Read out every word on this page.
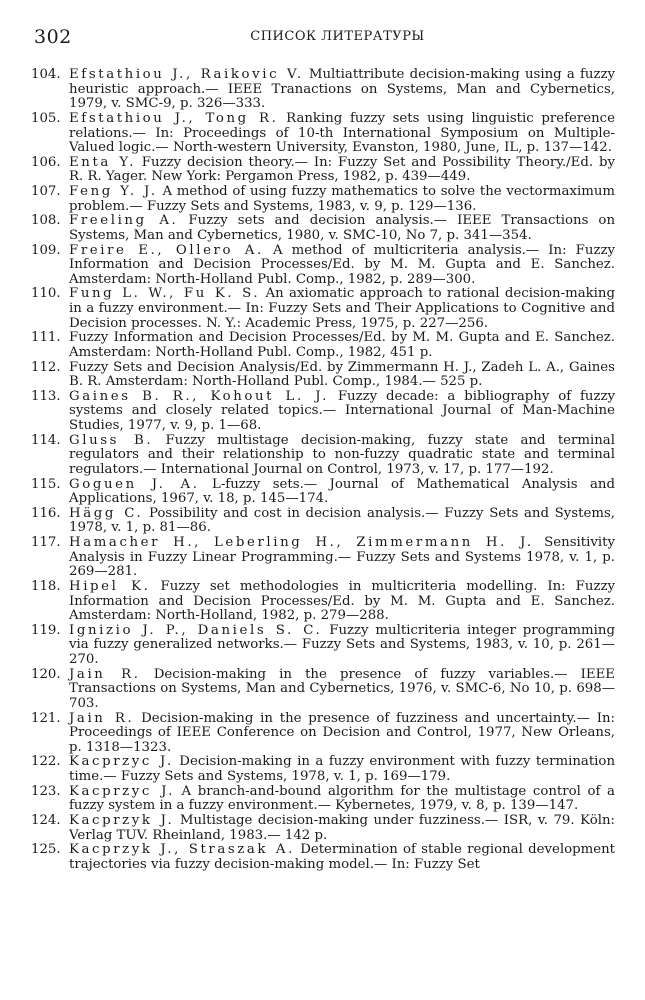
302	СПИСОК ЛИТЕРАТУРЫ
104. Efstathiou J., Raikovic V. Multiattribute decision-making using a fuzzy heuristic approach.— IEEE Tranactions on Systems, Man and Cybernetics, 1979, v. SMC-9, p. 326—333.
105. Efstathiou J., Tong R. Ranking fuzzy sets using linguistic preference relations.— In: Proceedings of 10-th International Symposium on Multiple-Valued logic.— North-western University, Evanston, 1980, June, IL, p. 137—142.
106. Enta Y. Fuzzy decision theory.— In: Fuzzy Set and Possibility Theory./Ed. by R. R. Yager. New York: Pergamon Press, 1982, p. 439—449.
107. Feng Y. J. A method of using fuzzy mathematics to solve the vectormaximum problem.— Fuzzy Sets and Systems, 1983, v. 9, p. 129—136.
108. Freeling A. Fuzzy sets and decision analysis.— IEEE Transactions on Systems, Man and Cybernetics, 1980, v. SMC-10, No 7, p. 341—354.
109. Freire E., Ollero A. A method of multicriteria analysis.— In: Fuzzy Information and Decision Processes/Ed. by M. M. Gupta and E. Sanchez. Amsterdam: North-Holland Publ. Comp., 1982, p. 289—300.
110. Fung L. W., Fu K. S. An axiomatic approach to rational decision-making in a fuzzy environment.— In: Fuzzy Sets and Their Applications to Cognitive and Decision processes. N. Y.: Academic Press, 1975, p. 227—256.
111. Fuzzy Information and Decision Processes/Ed. by M. M. Gupta and E. Sanchez. Amsterdam: North-Holland Publ. Comp., 1982, 451 p.
112. Fuzzy Sets and Decision Analysis/Ed. by Zimmermann H. J., Zadeh L. A., Gaines B. R. Amsterdam: North-Holland Publ. Comp., 1984.— 525 p.
113. Gaines B. R., Kohout L. J. Fuzzy decade: a bibliography of fuzzy systems and closely related topics.— International Journal of Man-Machine Studies, 1977, v. 9, p. 1—68.
114. Gluss B. Fuzzy multistage decision-making, fuzzy state and terminal regulators and their relationship to non-fuzzy quadratic state and terminal regulators.— International Journal on Control, 1973, v. 17, p. 177—192.
115. Goguen J. A. L-fuzzy sets.— Journal of Mathematical Analysis and Applications, 1967, v. 18, p. 145—174.
116. Hägg C. Possibility and cost in decision analysis.— Fuzzy Sets and Systems, 1978, v. 1, p. 81—86.
117. Hamacher H., Leberling H., Zimmermann H. J. Sensitivity Analysis in Fuzzy Linear Programming.— Fuzzy Sets and Systems 1978, v. 1, p. 269—281.
118. Hipel K. Fuzzy set methodologies in multicriteria modelling. In: Fuzzy Information and Decision Processes/Ed. by M. M. Gupta and E. Sanchez. Amsterdam: North-Holland, 1982, p. 279—288.
119. Ignizio J. P., Daniels S. C. Fuzzy multicriteria integer programming via fuzzy generalized networks.— Fuzzy Sets and Systems, 1983, v. 10, p. 261—270.
120. Jain R. Decision-making in the presence of fuzzy variables.— IEEE Transactions on Systems, Man and Cybernetics, 1976, v. SMC-6, No 10, p. 698—703.
121. Jain R. Decision-making in the presence of fuzziness and uncertainty.— In: Proceedings of IEEE Conference on Decision and Control, 1977, New Orleans, p. 1318—1323.
122. Kacprzyc J. Decision-making in a fuzzy environment with fuzzy termination time.— Fuzzy Sets and Systems, 1978, v. 1, p. 169—179.
123. Kacprzyc J. A branch-and-bound algorithm for the multistage control of a fuzzy system in a fuzzy environment.— Kybernetes, 1979, v. 8, p. 139—147.
124. Kacprzyk J. Multistage decision-making under fuzziness.— ISR, v. 79. Köln: Verlag TUV. Rheinland, 1983.— 142 p.
125. Kacprzyk J., Straszak A. Determination of stable regional development trajectories via fuzzy decision-making model.— In: Fuzzy Set
